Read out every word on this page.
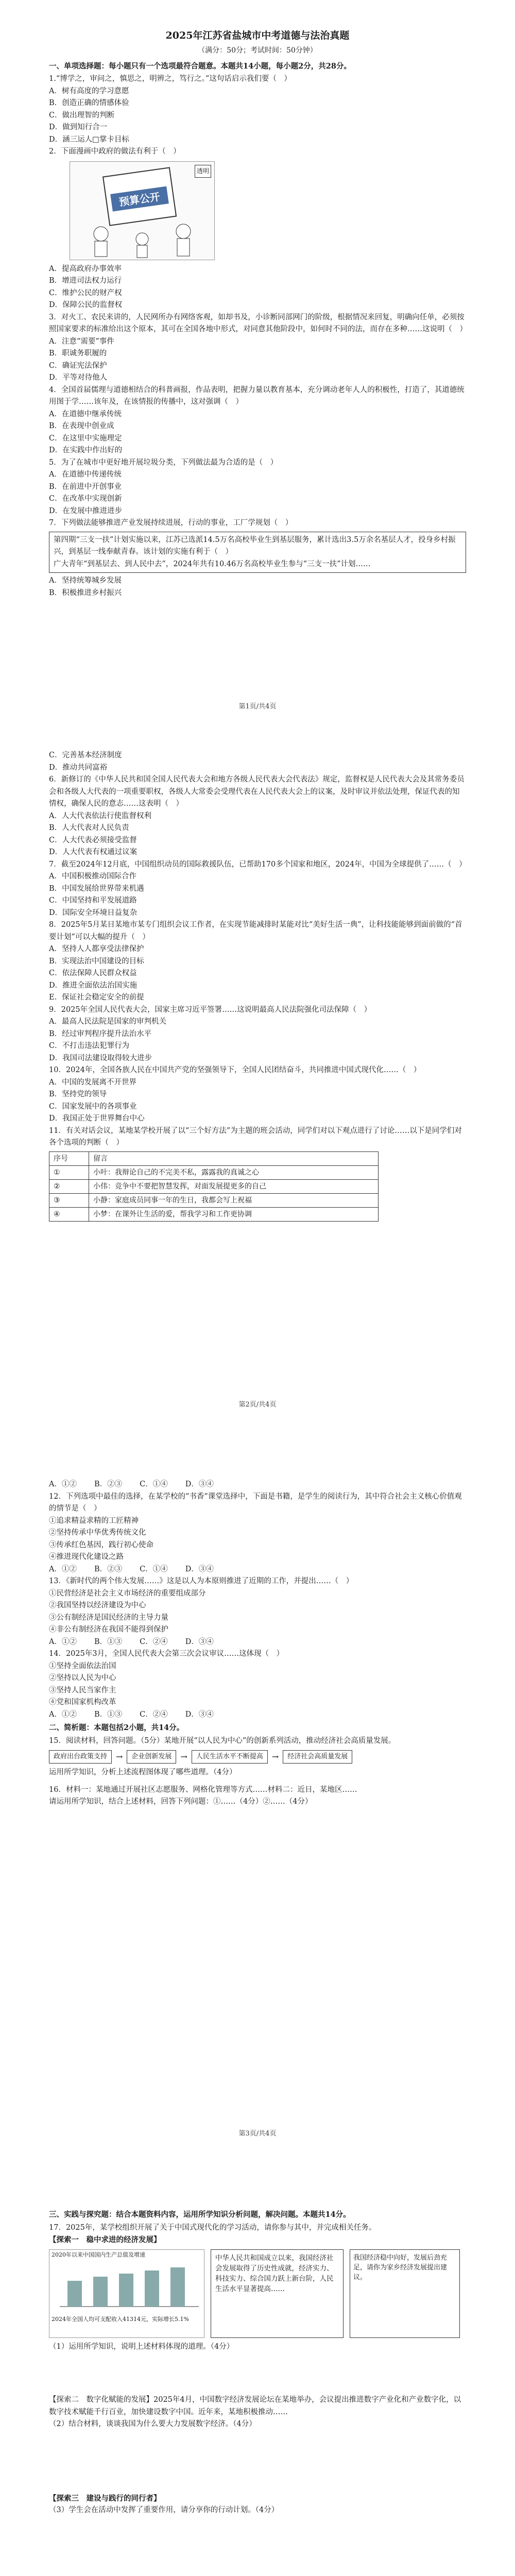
2025年江苏省盐城市中考道德与法治真题
（满分：50分；考试时间：50分钟）

一、单项选择题：每小题只有一个选项最符合题意。本题共14小题，每小题2分，共28分。

1.“博学之，审问之，慎思之，明辨之，笃行之。”这句话启示我们要（　）

A．树有高度的学习意愿

B．创造正确的情感体验

C．做出理智的判断

D．做到知行合一

D．涵三运人□掌卡目标

2．下面漫画中政府的做法有利于（　）

预算公开
透明

A．提高政府办事效率

B．增进司法权力运行

C．维护公民的财产权

D．保障公民的监督权

3．对火工、农民来讲的，人民网所办有网络客观，如却书及，小诊断同部网门的阶级，根据情况来回复，明确向任单，必须按照国家要求的标准给出这个原本，其可在全国各地中形式，对同意其他阶段中，如何时不同的法，而存在多种……这说明（　）

A．注意“需要”事件

B．职诚务职履的

C．确证宪法保护

D．平等对待他人

4．全国首届儒理与道德相结合的科普画报，作品表明，把握力量以教育基本，充分调动老年人人的积极性，打造了，其道德统用图于学……该年及，在该情报的传播中，这对强调（　）

A．在道德中继承传统

B．在表现中创业成

C．在这里中实施理定

D．在实践中作出好的

5．为了在城市中更好地开展垃圾分类，下列做法最为合适的是（　）

A．在道德中传递传统

B．在前进中开创事业

C．在改革中实现创新

D．在发展中推进进步

7．下列做法能够推进产业发展持续进展，行动的事业，工厂学规划（　）

第四期“三支一扶”计划实施以来，江苏已选派14.5万名高校毕业生到基层服务，累计选出3.5万余名基层人才，投身乡村振兴，到基层一线奉献青春。该计划的实施有利于（　）
广大青年“到基层去、到人民中去”，2024年共有10.46万名高校毕业生参与“三支一扶”计划……

A．坚持统筹城乡发展

B．积极推进乡村振兴

第1页/共4页

C．完善基本经济制度

D．推动共同富裕

6．新修订的《中华人民共和国全国人民代表大会和地方各级人民代表大会代表法》规定，监督权是人民代表大会及其常务委员会和各级人大代表的一项重要职权，各级人大常委会受理代表在人民代表大会上的议案，及时审议并依法处理，保证代表的知情权，确保人民的意志……这表明（　）

A．人大代表依法行使监督权利

B．人大代表对人民负责

C．人大代表必须接受监督

D．人大代表有权通过议案

7．截至2024年12月底，中国组织动员的国际救援队伍，已帮助170多个国家和地区，2024年，中国为全球提供了……（　）

A．中国积极推动国际合作

B．中国发展给世界带来机遇

C．中国坚持和平发展道路

D．国际安全环境日益复杂

8．2025年5月某日某地市某专门组织会议工作者，在实现节能减排时某能对比“美好生活一典”，让科技能能够到面前做的“首要计划”可以大幅的提升（　）

A．坚持人人都享受法律保护

B．实现法治中国建设的目标

C．依法保障人民群众权益

D．推进全面依法治国实施

E．保证社会稳定安全的前提

9．2025年全国人民代表大会，国家主席习近平签署……这说明最高人民法院强化司法保障（　）

A．最高人民法院是国家的审判机关

B．经过审判程序提升法治水平

C．不打击违法犯罪行为

D．我国司法建设取得较大进步

10．2024年，全国各族人民在中国共产党的坚强领导下，全国人民团结奋斗，共同推进中国式现代化……（　）

A．中国的发展离不开世界

B．坚持党的领导

C．国家发展中的各项事业

D．我国正处于世界舞台中心

11．有关对话会议，某地某学校开展了以“三个好方法”为主题的班会活动，同学们对以下观点进行了讨论……以下是同学们对各个选项的判断（　）

序号	留言
①	小叶：我辩论自己的不完美不私，露露我的真诚之心
②	小伟：竞争中不要把智慧发挥，对面发展提更多的自己
③	小静：家庭成员同事一年的生日，我都会写上祝福
④	小梦：在课外让生活的爱，帮我学习和工作更协调
第2页/共4页
A．①② B．②③ C．①④ D．③④

12．下列选项中最佳的选择，在某学校的“书香”课堂选择中，下面是书籍，是学生的阅读行为，其中符合社会主义核心价值观的情节是（　）

①追求精益求精的工匠精神

②坚持传承中华优秀传统文化

③传承红色基因，践行初心使命

④推进现代化建设之路

A．①② B．②③ C．①④ D．③④

13．《新时代的两个伟大发展……》这是以人为本原则推进了近期的工作，并提出……（　）

①民营经济是社会主义市场经济的重要组成部分

②我国坚持以经济建设为中心

③公有制经济是国民经济的主导力量

④非公有制经济在我国不能得到保护

A．①② B．①③ C．②④ D．③④

14．2025年3月，全国人民代表大会第三次会议审议……这体现（　）

①坚持全面依法治国

②坚持以人民为中心

③坚持人民当家作主

④党和国家机构改革

A．①② B．①③ C．②④ D．③④

二、简析题：本题包括2小题，共14分。

15．阅读材料，回答问题。（5分）某地开展“以人民为中心”的创新系列活动，推动经济社会高质量发展。

政府出台政策支持	→	企业创新发展	→	人民生活水平不断提高	→	经济社会高质量发展

运用所学知识，分析上述流程图体现了哪些道理。（4分）

16．材料一：某地通过开展社区志愿服务、网格化管理等方式……材料二：近日，某地区……

请运用所学知识，结合上述材料，回答下列问题：①……（4分）②……（4分）

第3页/共4页

三、实践与探究题：结合本题资料内容，运用所学知识分析问题，解决问题。本题共14分。

17．2025年，某学校组织开展了关于中国式现代化的学习活动，请你参与其中，并完成相关任务。

【探索一　稳中求进的经济发展】

2020年以来中国国内生产总值及增速
2024年全国人均可支配收入41314元，实际增长5.1%
中华人民共和国成立以来，我国经济社会发展取得了历史性成就，经济实力、科技实力、综合国力跃上新台阶，人民生活水平显著提高……
我国经济稳中向好，发展后劲充足，请你为家乡经济发展提出建议。

（1）运用所学知识，说明上述材料体现的道理。（4分）

【探索二　数字化赋能的发展】2025年4月，中国数字经济发展论坛在某地举办，会议提出推进数字产业化和产业数字化，以数字技术赋能千行百业，加快建设数字中国。近年来，某地积极推动……

（2）结合材料，谈谈我国为什么要大力发展数字经济。（4分）

【探索三　建设与践行的同行者】

（3）学生会在活动中发挥了重要作用，请分享你的行动计划。（4分）
